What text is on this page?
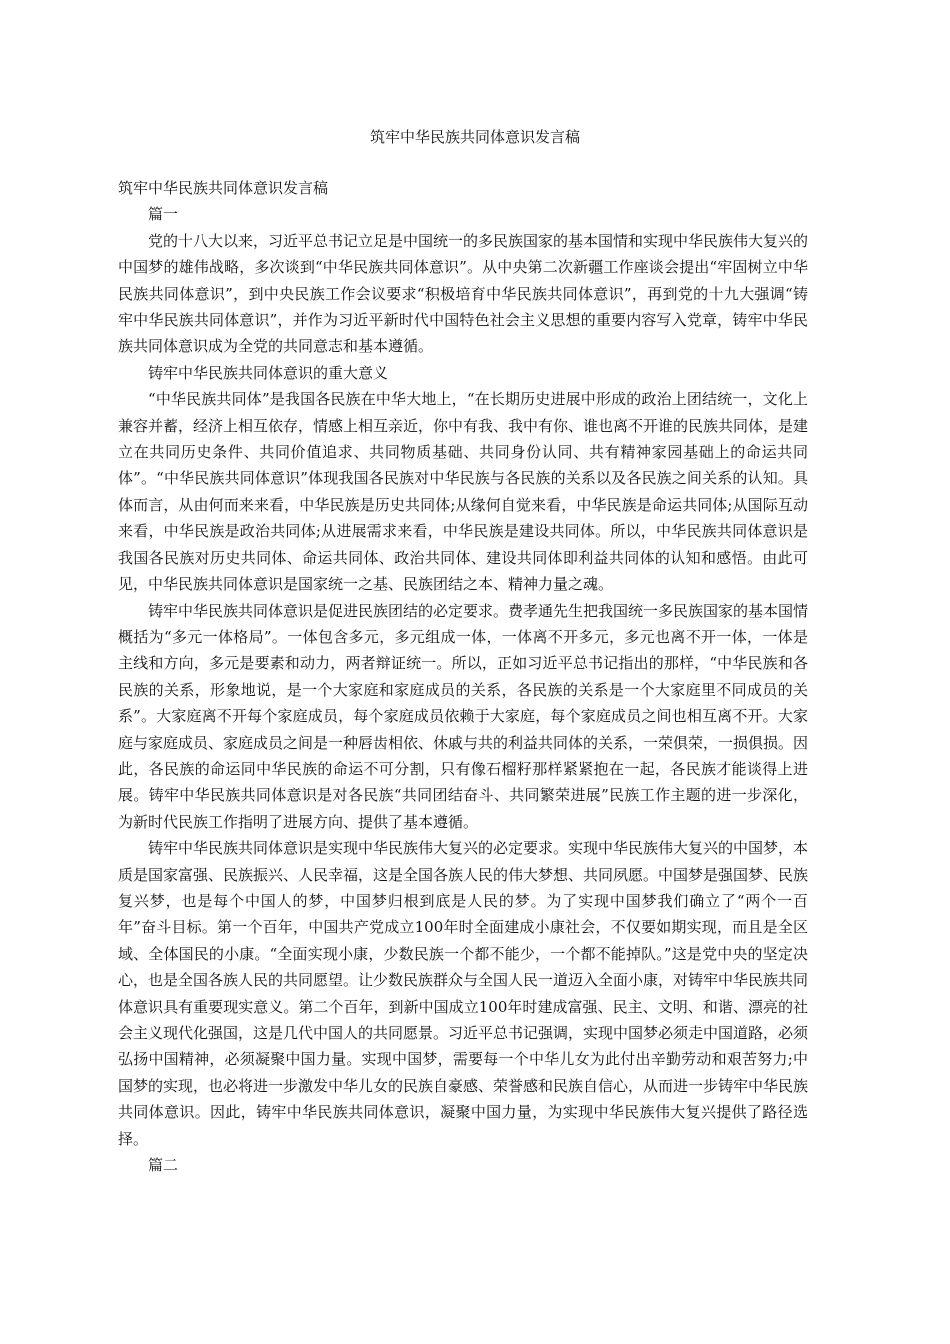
筑牢中华民族共同体意识发言稿

筑牢中华民族共同体意识发言稿

篇一

党的十八大以来，习近平总书记立足是中国统一的多民族国家的基本国情和实现中华民族伟大复兴的中国梦的雄伟战略，多次谈到“中华民族共同体意识”。从中央第二次新疆工作座谈会提出“牢固树立中华民族共同体意识”，到中央民族工作会议要求“积极培育中华民族共同体意识”，再到党的十九大强调“铸牢中华民族共同体意识”，并作为习近平新时代中国特色社会主义思想的重要内容写入党章，铸牢中华民族共同体意识成为全党的共同意志和基本遵循。

铸牢中华民族共同体意识的重大意义

“中华民族共同体”是我国各民族在中华大地上，“在长期历史进展中形成的政治上团结统一，文化上兼容并蓄，经济上相互依存，情感上相互亲近，你中有我、我中有你、谁也离不开谁的民族共同体，是建立在共同历史条件、共同价值追求、共同物质基础、共同身份认同、共有精神家园基础上的命运共同体”。“中华民族共同体意识”体现我国各民族对中华民族与各民族的关系以及各民族之间关系的认知。具体而言，从由何而来来看，中华民族是历史共同体;从缘何自觉来看，中华民族是命运共同体;从国际互动来看，中华民族是政治共同体;从进展需求来看，中华民族是建设共同体。所以，中华民族共同体意识是我国各民族对历史共同体、命运共同体、政治共同体、建设共同体即利益共同体的认知和感悟。由此可见，中华民族共同体意识是国家统一之基、民族团结之本、精神力量之魂。

铸牢中华民族共同体意识是促进民族团结的必定要求。费孝通先生把我国统一多民族国家的基本国情概括为“多元一体格局”。一体包含多元，多元组成一体，一体离不开多元，多元也离不开一体，一体是主线和方向，多元是要素和动力，两者辩证统一。所以，正如习近平总书记指出的那样，“中华民族和各民族的关系，形象地说，是一个大家庭和家庭成员的关系，各民族的关系是一个大家庭里不同成员的关系”。大家庭离不开每个家庭成员，每个家庭成员依赖于大家庭，每个家庭成员之间也相互离不开。大家庭与家庭成员、家庭成员之间是一种唇齿相依、休戚与共的利益共同体的关系，一荣俱荣，一损俱损。因此，各民族的命运同中华民族的命运不可分割，只有像石榴籽那样紧紧抱在一起，各民族才能谈得上进展。铸牢中华民族共同体意识是对各民族“共同团结奋斗、共同繁荣进展”民族工作主题的进一步深化，为新时代民族工作指明了进展方向、提供了基本遵循。

铸牢中华民族共同体意识是实现中华民族伟大复兴的必定要求。实现中华民族伟大复兴的中国梦，本质是国家富强、民族振兴、人民幸福，这是全国各族人民的伟大梦想、共同夙愿。中国梦是强国梦、民族复兴梦，也是每个中国人的梦，中国梦归根到底是人民的梦。为了实现中国梦我们确立了“两个一百年”奋斗目标。第一个百年，中国共产党成立100年时全面建成小康社会，不仅要如期实现，而且是全区域、全体国民的小康。“全面实现小康，少数民族一个都不能少，一个都不能掉队。”这是党中央的坚定决心，也是全国各族人民的共同愿望。让少数民族群众与全国人民一道迈入全面小康，对铸牢中华民族共同体意识具有重要现实意义。第二个百年，到新中国成立100年时建成富强、民主、文明、和谐、漂亮的社会主义现代化强国，这是几代中国人的共同愿景。习近平总书记强调，实现中国梦必须走中国道路，必须弘扬中国精神，必须凝聚中国力量。实现中国梦，需要每一个中华儿女为此付出辛勤劳动和艰苦努力;中国梦的实现，也必将进一步激发中华儿女的民族自豪感、荣誉感和民族自信心，从而进一步铸牢中华民族共同体意识。因此，铸牢中华民族共同体意识，凝聚中国力量，为实现中华民族伟大复兴提供了路径选择。

篇二
